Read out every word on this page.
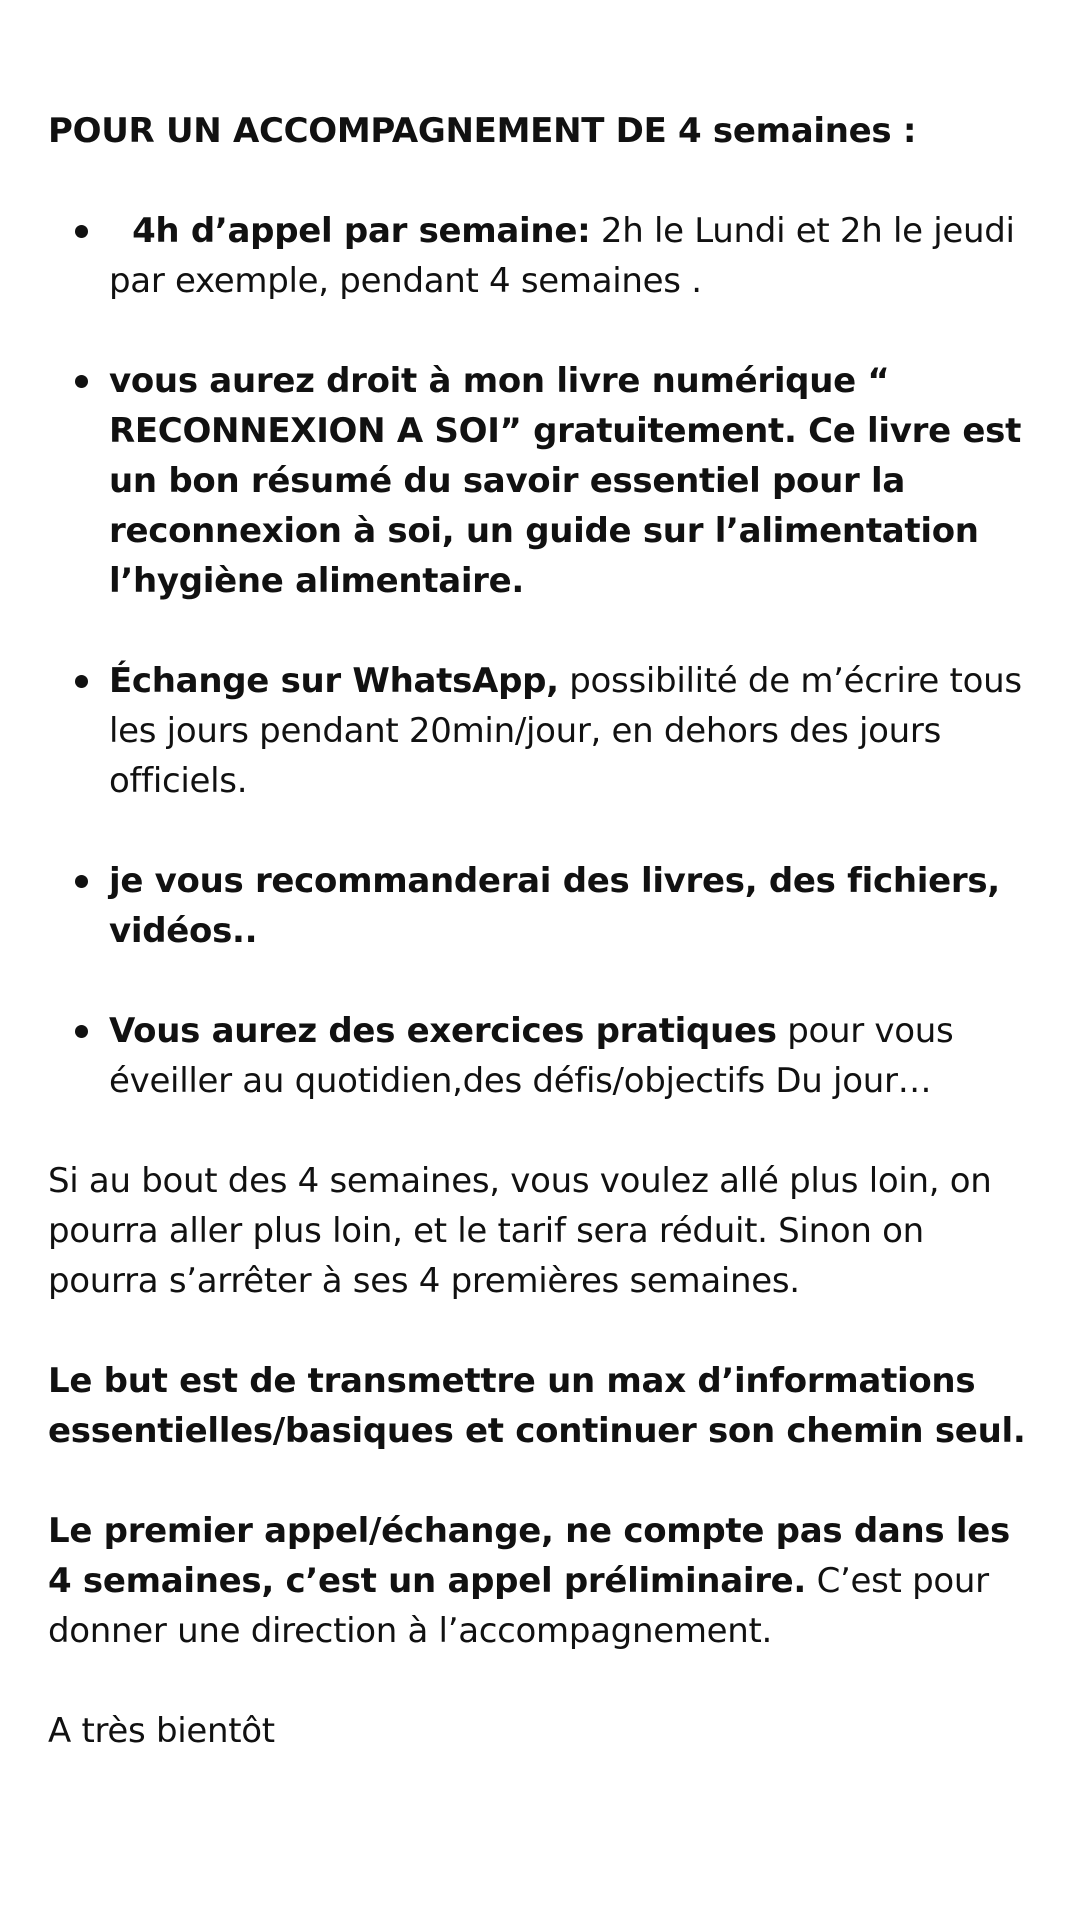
POUR UN ACCOMPAGNEMENT DE 4 semaines :
4h d’appel par semaine: 2h le Lundi et 2h le jeudi par exemple, pendant 4 semaines .
vous aurez droit à mon livre numérique “ RECONNEXION A SOI” gratuitement. Ce livre est un bon résumé du savoir essentiel pour la reconnexion à soi, un guide sur l’alimentation l’hygiène alimentaire.
Échange sur WhatsApp, possibilité de m’écrire tous les jours pendant 20min/jour, en dehors des jours officiels.
je vous recommanderai des livres, des fichiers, vidéos..
Vous aurez des exercices pratiques pour vous éveiller au quotidien,des défis/objectifs Du jour…

Si au bout des 4 semaines, vous voulez allé plus loin, on pourra aller plus loin, et le tarif sera réduit. Sinon on pourra s’arrêter à ses 4 premières semaines.

Le but est de transmettre un max d’informations essentielles/basiques et continuer son chemin seul.

Le premier appel/échange, ne compte pas dans les 4 semaines, c’est un appel préliminaire. C’est pour donner une direction à l’accompagnement.

A très bientôt
